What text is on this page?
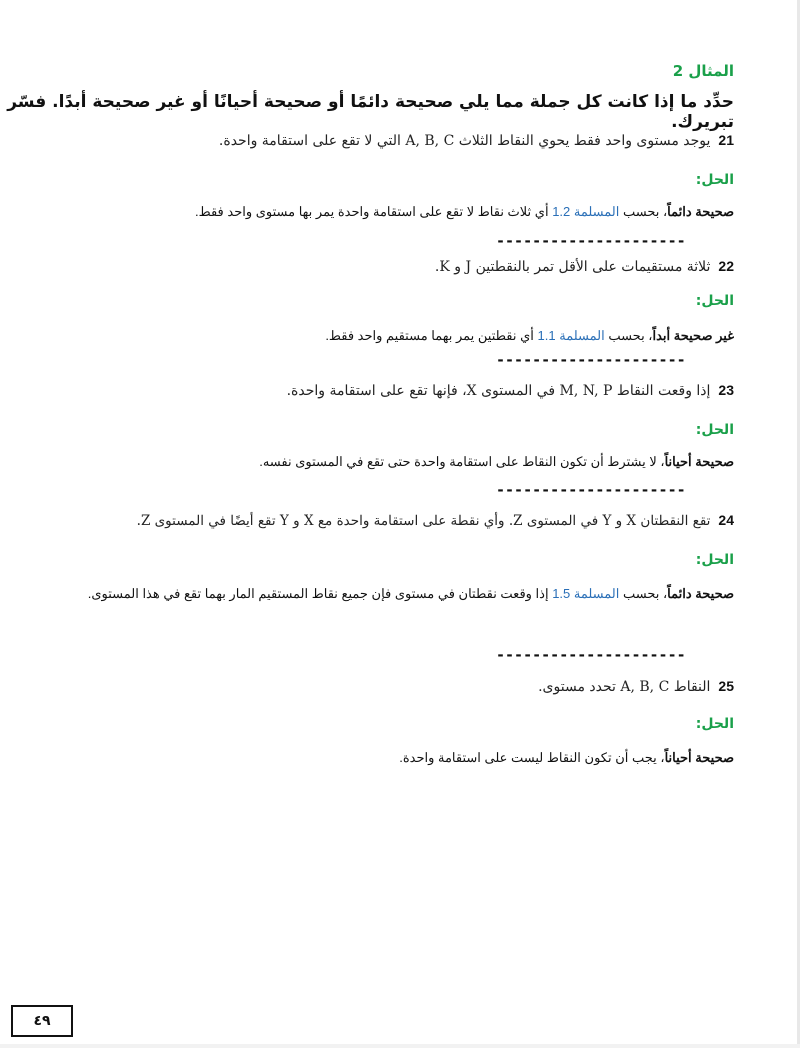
المثال 2
حدِّد ما إذا كانت كل جملة مما يلي صحيحة دائمًا أو صحيحة أحيانًا أو غير صحيحة أبدًا. فسّر تبريرك.
21يوجد مستوى واحد فقط يحوي النقاط الثلاث A, B, C التي لا تقع على استقامة واحدة.
الحل:
صحيحة دائماً، بحسب المسلمة 1.2 أي ثلاث نقاط لا تقع على استقامة واحدة يمر بها مستوى واحد فقط.
---------------------
22ثلاثة مستقيمات على الأقل تمر بالنقطتين J و K.
الحل:
غير صحيحة أبداً، بحسب المسلمة 1.1 أي نقطتين يمر بهما مستقيم واحد فقط.
---------------------
23إذا وقعت النقاط M, N, P في المستوى X، فإنها تقع على استقامة واحدة.
الحل:
صحيحة أحياناً، لا يشترط أن تكون النقاط على استقامة واحدة حتى تقع في المستوى نفسه.
---------------------
24تقع النقطتان X و Y في المستوى Z. وأي نقطة على استقامة واحدة مع X و Y تقع أيضًا في المستوى Z.
الحل:
صحيحة دائماً، بحسب المسلمة 1.5 إذا وقعت نقطتان في مستوى فإن جميع نقاط المستقيم المار بهما تقع في هذا المستوى.
---------------------
25النقاط A, B, C تحدد مستوى.
الحل:
صحيحة أحياناً، يجب أن تكون النقاط ليست على استقامة واحدة.
٤٩
